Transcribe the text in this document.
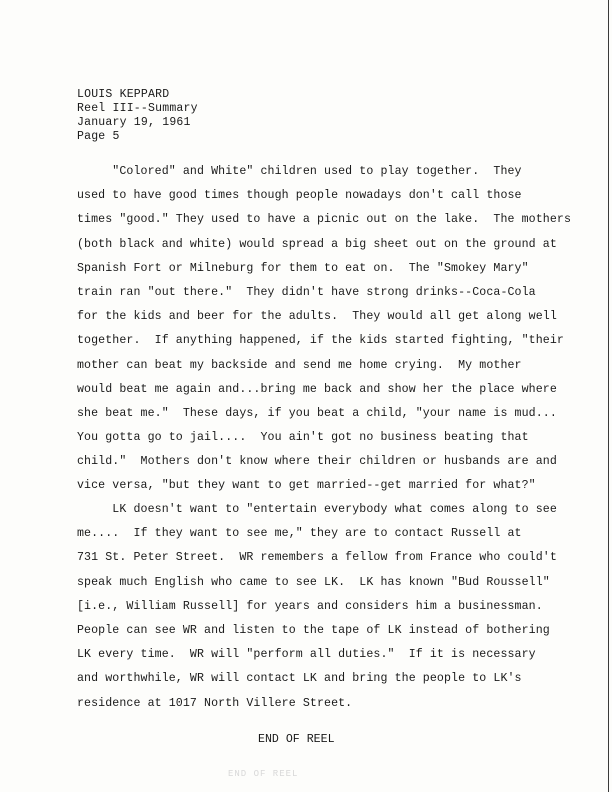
LOUIS KEPPARD
Reel III--Summary
January 19, 1961
Page 5
"Colored" and White" children used to play together.  They
used to have good times though people nowadays don't call those
times "good." They used to have a picnic out on the lake.  The mothers
(both black and white) would spread a big sheet out on the ground at
Spanish Fort or Milneburg for them to eat on.  The "Smokey Mary"
train ran "out there."  They didn't have strong drinks--Coca-Cola
for the kids and beer for the adults.  They would all get along well
together.  If anything happened, if the kids started fighting, "their
mother can beat my backside and send me home crying.  My mother
would beat me again and...bring me back and show her the place where
she beat me."  These days, if you beat a child, "your name is mud...
You gotta go to jail....  You ain't got no business beating that
child."  Mothers don't know where their children or husbands are and
vice versa, "but they want to get married--get married for what?"
LK doesn't want to "entertain everybody what comes along to see
me....  If they want to see me," they are to contact Russell at
731 St. Peter Street.  WR remembers a fellow from France who could't
speak much English who came to see LK.  LK has known "Bud Roussell"
[i.e., William Russell] for years and considers him a businessman.
People can see WR and listen to the tape of LK instead of bothering
LK every time.  WR will "perform all duties."  If it is necessary
and worthwhile, WR will contact LK and bring the people to LK's
residence at 1017 North Villere Street.
END OF REEL
END OF REEL
